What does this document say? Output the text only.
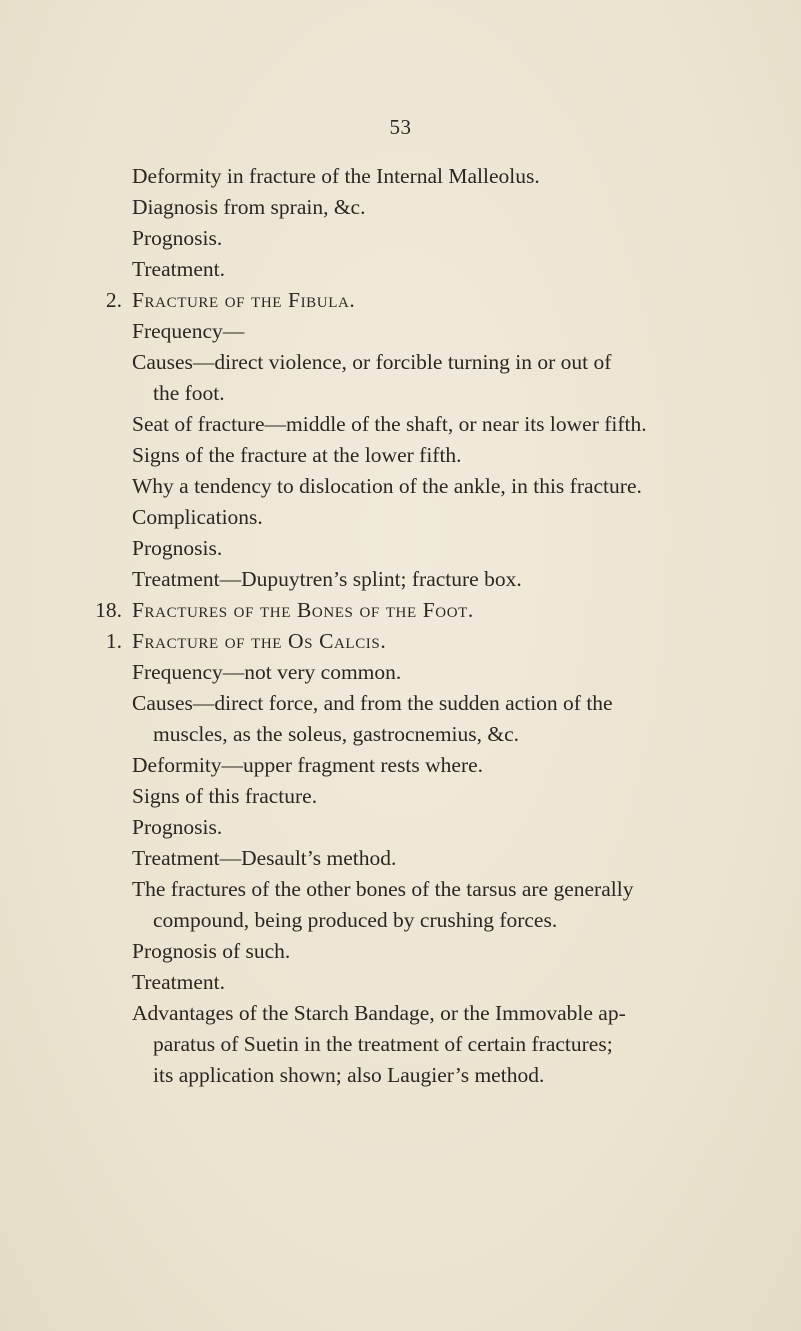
53
Deformity in fracture of the Internal Malleolus.
Diagnosis from sprain, &c.
Prognosis.
Treatment.
2. Fracture of the Fibula.
Frequency—
Causes—direct violence, or forcible turning in or out of
the foot.
Seat of fracture—middle of the shaft, or near its lower fifth.
Signs of the fracture at the lower fifth.
Why a tendency to dislocation of the ankle, in this fracture.
Complications.
Prognosis.
Treatment—Dupuytren’s splint; fracture box.
18. Fractures of the Bones of the Foot.
1. Fracture of the Os Calcis.
Frequency—not very common.
Causes—direct force, and from the sudden action of the
muscles, as the soleus, gastrocnemius, &c.
Deformity—upper fragment rests where.
Signs of this fracture.
Prognosis.
Treatment—Desault’s method.
The fractures of the other bones of the tarsus are generally
compound, being produced by crushing forces.
Prognosis of such.
Treatment.
Advantages of the Starch Bandage, or the Immovable ap-
paratus of Suetin in the treatment of certain fractures;
its application shown; also Laugier’s method.
